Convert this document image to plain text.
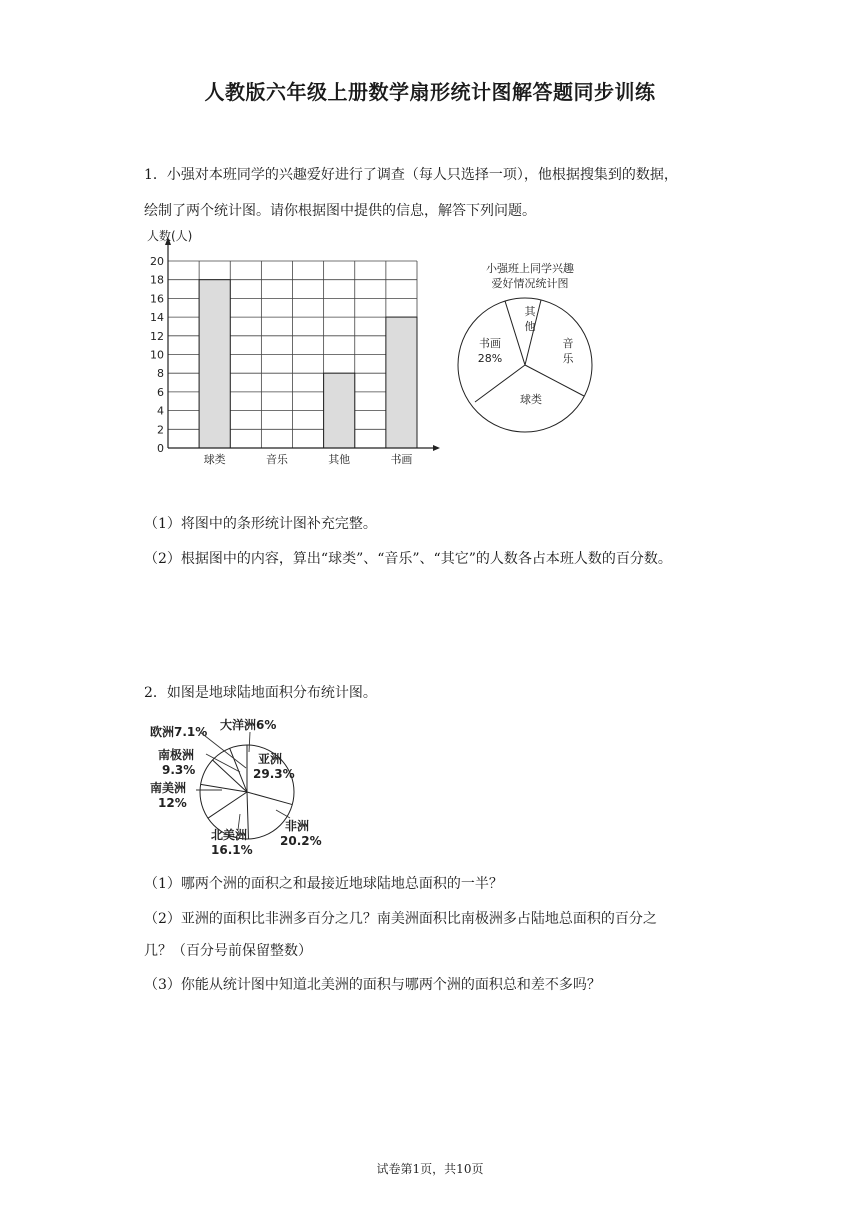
人教版六年级上册数学扇形统计图解答题同步训练
1．小强对本班同学的兴趣爱好进行了调查（每人只选择一项），他根据搜集到的数据，
绘制了两个统计图。请你根据图中提供的信息，解答下列问题。
0
2
4
6
8
10
12
14
16
18
20
球类	音乐	其他	书画
人数(人)
小强班上同学兴趣
爱好情况统计图
其
他
音
乐
球类
书画
28%
（1）将图中的条形统计图补充完整。
（2）根据图中的内容，算出“球类”、“音乐”、“其它”的人数各占本班人数的百分数。
2．如图是地球陆地面积分布统计图。
欧洲7.1% 大洋洲6%
亚洲
29.3%
南极洲
9.3%
南美洲
12%
北美洲
16.1%
非洲
20.2%
（1）哪两个洲的面积之和最接近地球陆地总面积的一半？
（2）亚洲的面积比非洲多百分之几？南美洲面积比南极洲多占陆地总面积的百分之
几？（百分号前保留整数）
（3）你能从统计图中知道北美洲的面积与哪两个洲的面积总和差不多吗？
试卷第1页，共10页
